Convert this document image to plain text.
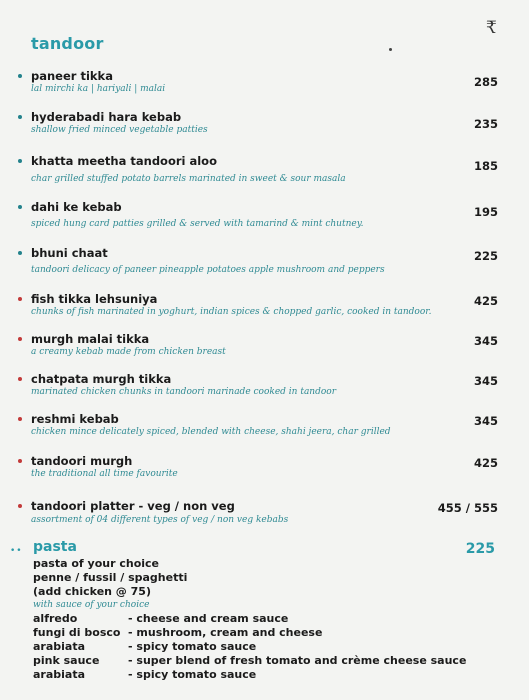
tandoor
₹
paneer tikka
lal mirchi ka | hariyali | malai	285
hyderabadi hara kebab
shallow fried minced vegetable patties	235
khatta meetha tandoori aloo
char grilled stuffed potato barrels marinated in sweet & sour masala
185
dahi ke kebab
spiced hung card patties grilled & served with tamarind & mint chutney.
195
bhuni chaat
tandoori delicacy of paneer pineapple potatoes apple mushroom and peppers
225
fish tikka lehsuniya
chunks of fish marinated in yoghurt, indian spices & chopped garlic, cooked in tandoor.
425
murgh malai tikka
a creamy kebab made from chicken breast
345
chatpata murgh tikka
marinated chicken chunks in tandoori marinade cooked in tandoor
345
reshmi kebab
chicken mince delicately spiced, blended with cheese, shahi jeera, char grilled
345
tandoori murgh
the traditional all time favourite
425
tandoori platter - veg / non veg
assortment of 04 different types of veg / non veg kebabs
455 / 555
•• pasta	225
pasta of your choice
penne / fussil / spaghetti
(add chicken @ 75)
with sauce of your choice
alfredo	- cheese and cream sauce
fungi di bosco - mushroom, cream and cheese
arabiata	- spicy tomato sauce
pink sauce	- super blend of fresh tomato and crème cheese sauce
arabiata	- spicy tomato sauce
